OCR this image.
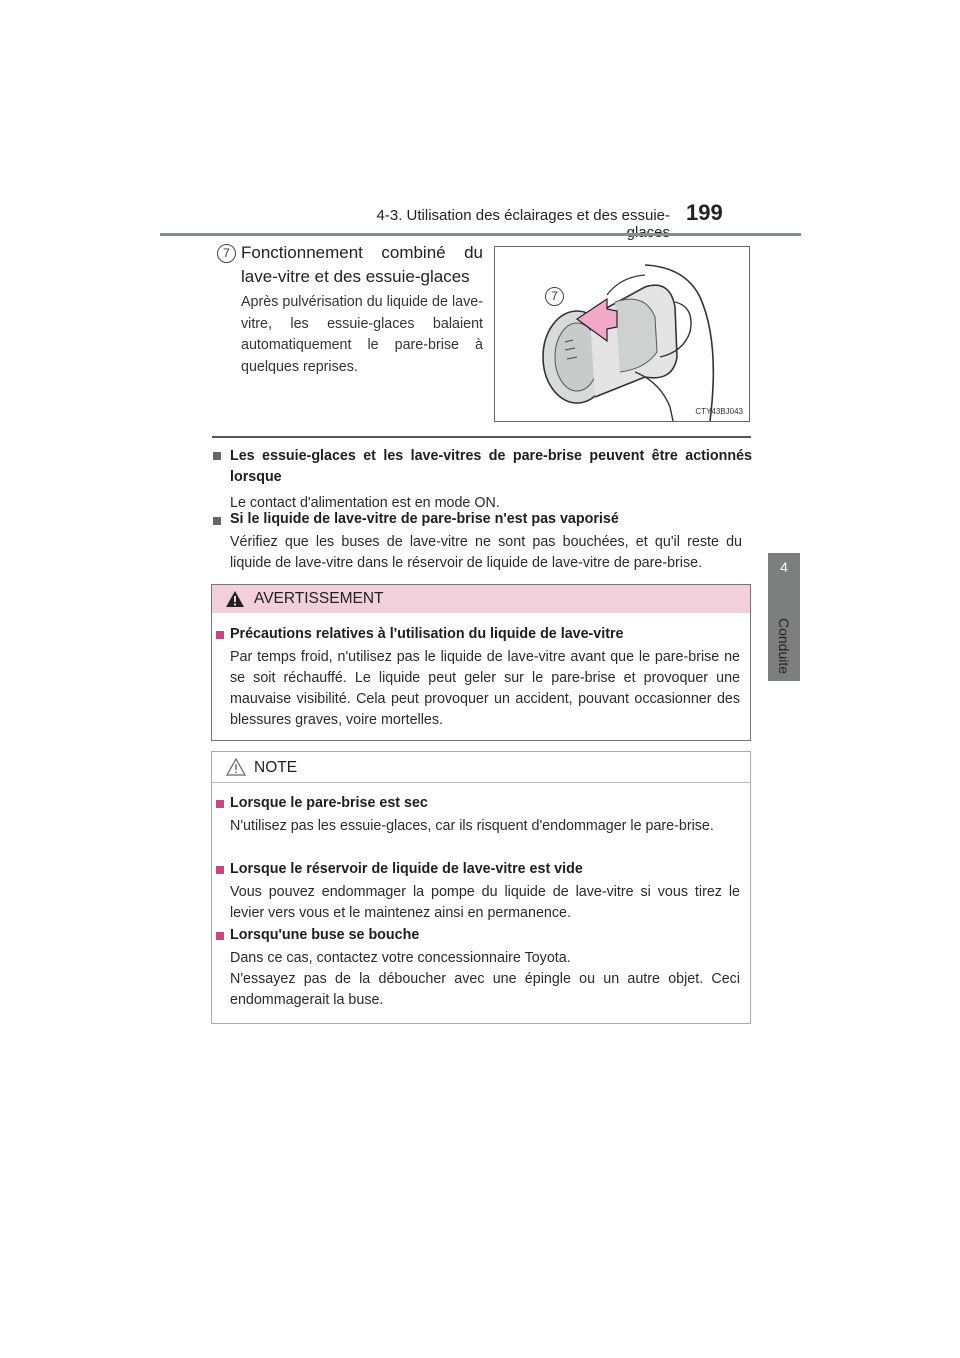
4-3. Utilisation des éclairages et des essuie- 199
4
Conduite
7 Fonctionnement combiné du lave-vitre et des essuie-glaces
Après pulvérisation du liquide de lave-vitre, les essuie-glaces balaient automatiquement le pare-brise à quelques reprises.
7
CTY43BJ043
Les essuie-glaces et les lave-vitres de pare-brise peuvent être actionnés lorsque
Le contact d'alimentation est en mode ON.
Si le liquide de lave-vitre de pare-brise n'est pas vaporisé
Vérifiez que les buses de lave-vitre ne sont pas bouchées, et qu'il reste du liquide de lave-vitre dans le réservoir de liquide de lave-vitre de pare-brise.
AVERTISSEMENT
Précautions relatives à l'utilisation du liquide de lave-vitre
Par temps froid, n'utilisez pas le liquide de lave-vitre avant que le pare-brise ne se soit réchauffé. Le liquide peut geler sur le pare-brise et provoquer une mauvaise visibilité. Cela peut provoquer un accident, pouvant occasionner des blessures graves, voire mortelles.
NOTE
Lorsque le pare-brise est sec
N'utilisez pas les essuie-glaces, car ils risquent d'endommager le pare-brise.
Lorsque le réservoir de liquide de lave-vitre est vide
Vous pouvez endommager la pompe du liquide de lave-vitre si vous tirez le levier vers vous et le maintenez ainsi en permanence.
Lorsqu'une buse se bouche
Dans ce cas, contactez votre concessionnaire Toyota.
N'essayez pas de la déboucher avec une épingle ou un autre objet. Ceci endommagerait la buse.
